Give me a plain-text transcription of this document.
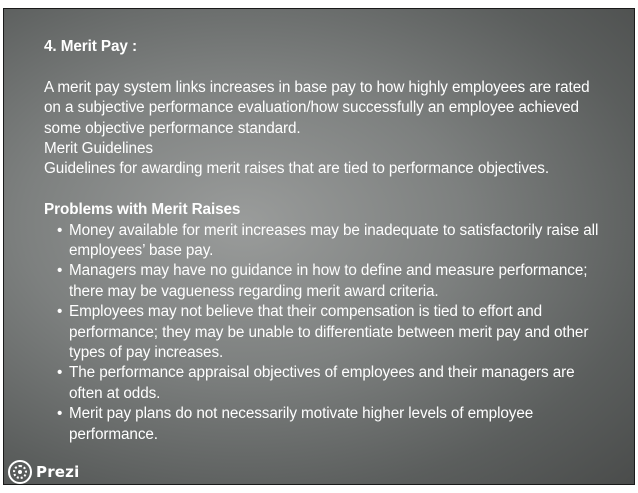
4. Merit Pay :

A merit pay system links increases in base pay to how highly employees are rated
on a subjective performance evaluation/how successfully an employee achieved
some objective performance standard.

Merit Guidelines

Guidelines for awarding merit raises that are tied to performance objectives.

Problems with Merit Raises

• Money available for merit increases may be inadequate to satisfactorily raise all
employees’ base pay.
• Managers may have no guidance in how to define and measure performance;
there may be vagueness regarding merit award criteria.
• Employees may not believe that their compensation is tied to effort and
performance; they may be unable to differentiate between merit pay and other
types of pay increases.
• The performance appraisal objectives of employees and their managers are
often at odds.
• Merit pay plans do not necessarily motivate higher levels of employee
performance.
Prezi
